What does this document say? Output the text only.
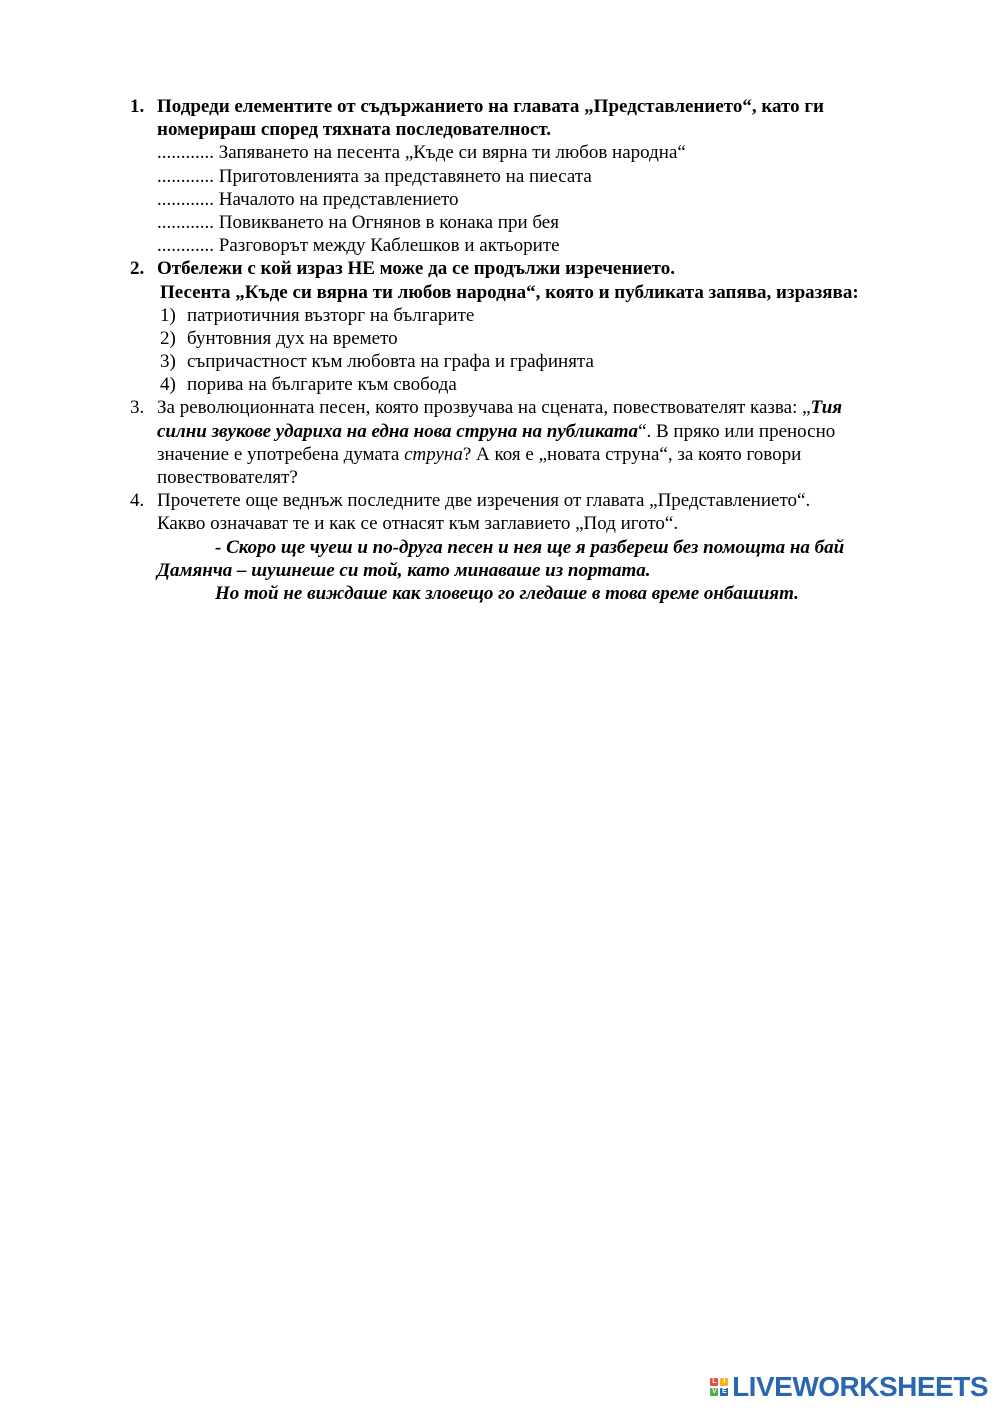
1. Подреди елементите от съдържанието на главата „Представлението“, като ги
номерираш според тяхната последователност.
............ Запяването на песента „Къде си вярна ти любов народна“
............ Приготовленията за представянето на пиесата
............ Началото на представлението
............ Повикването на Огнянов в конака при бея
............ Разговорът между Каблешков и актьорите
2. Отбележи с кой израз НЕ може да се продължи изречението.
Песента „Къде си вярна ти любов народна“, която и публиката запява, изразява:
1) патриотичния възторг на българите
2) бунтовния дух на времето
3) съпричастност към любовта на графа и графинята
4) порива на българите към свобода
3. За революционната песен, която прозвучава на сцената, повествователят казва: „Тия
силни звукове удариха на една нова струна на публиката“. В пряко или преносно
значение е употребена думата струна? А коя е „новата струна“, за която говори
повествователят?
4. Прочетете още веднъж последните две изречения от главата „Представлението“.
Какво означават те и как се отнасят към заглавието „Под игото“.
- Скоро ще чуеш и по-друга песен и нея ще я разбереш без помощта на бай
Дамянча – шушнеше си той, като минаваше из портата.
Но той не виждаше как зловещо го гледаше в това време онбашият.
L	I
V E LIVEWORKSHEETS
